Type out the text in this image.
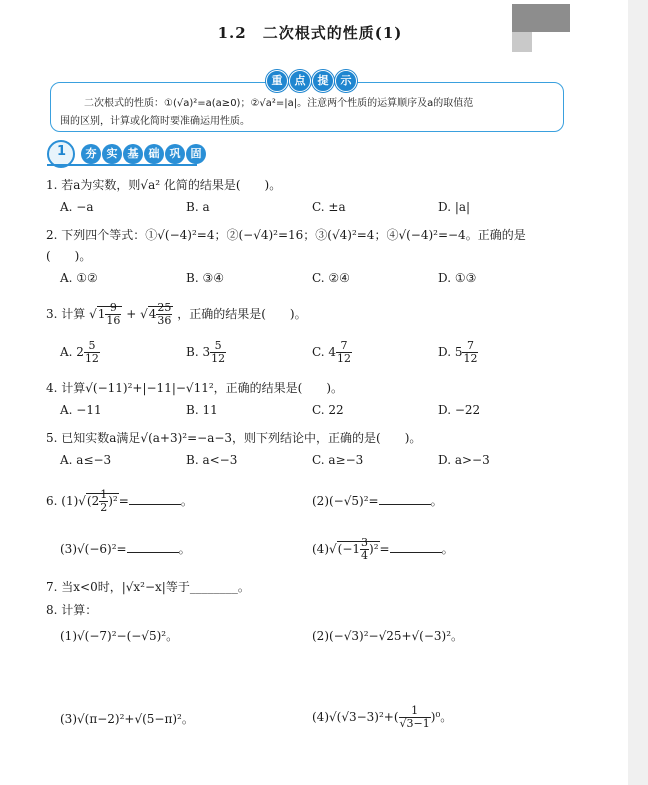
1.2　二次根式的性质(1)
重	点	提	示
二次根式的性质：①(√a)²=a(a≥0)；②√a²=|a|。注意两个性质的运算顺序及a的取值范
围的区别，计算或化简时要准确运用性质。
1	夯 实 基 础 巩 固
1. 若a为实数，则√a² 化简的结果是(　　)。
A. −a	B. a	C. ±a	D. |a|
2. 下列四个等式：①√(−4)²=4；②(−√4)²=16；③(√4)²=4；④√(−4)²=−4。正确的是
(　　)。
A. ①②	B. ③④	C. ②④	D. ①③
3. 计算 $√1 \frac{9}{16} + √4 \frac{25}{36}$ ，正确的结果是(　　)。
A. $2 \frac{5}{12}$	B. $3 \frac{5}{12}$	C. $4 \frac{7}{12}$	D. $5 \frac{7}{12}$
4. 计算√(−11)²+|−11|−√11²，正确的结果是(　　)。
A. −11	B. 11	C. 22	D. −22
5. 已知实数a满足√(a+3)²=−a−3，则下列结论中，正确的是(　　)。
A. a≤−3	B. a<−3	C. a≥−3	D. a>−3
6. $(1)√(2 \frac{1}{2} )^2=$	。	(2)(−√5)²=	。
(3)√(−6)²=	。	$(4)√(-1 \frac{3}{4} )^2=$	。
7. 当x<0时，|√x²−x|等于________。
8. 计算：
(1)√(−7)²−(−√5)²。	(2)(−√3)²−√25+√(−3)²。
(3)√(π−2)²+√(5−π)²。	$(4)√(√3-3)^2+( \frac{1}{√3-1} )^0$。
